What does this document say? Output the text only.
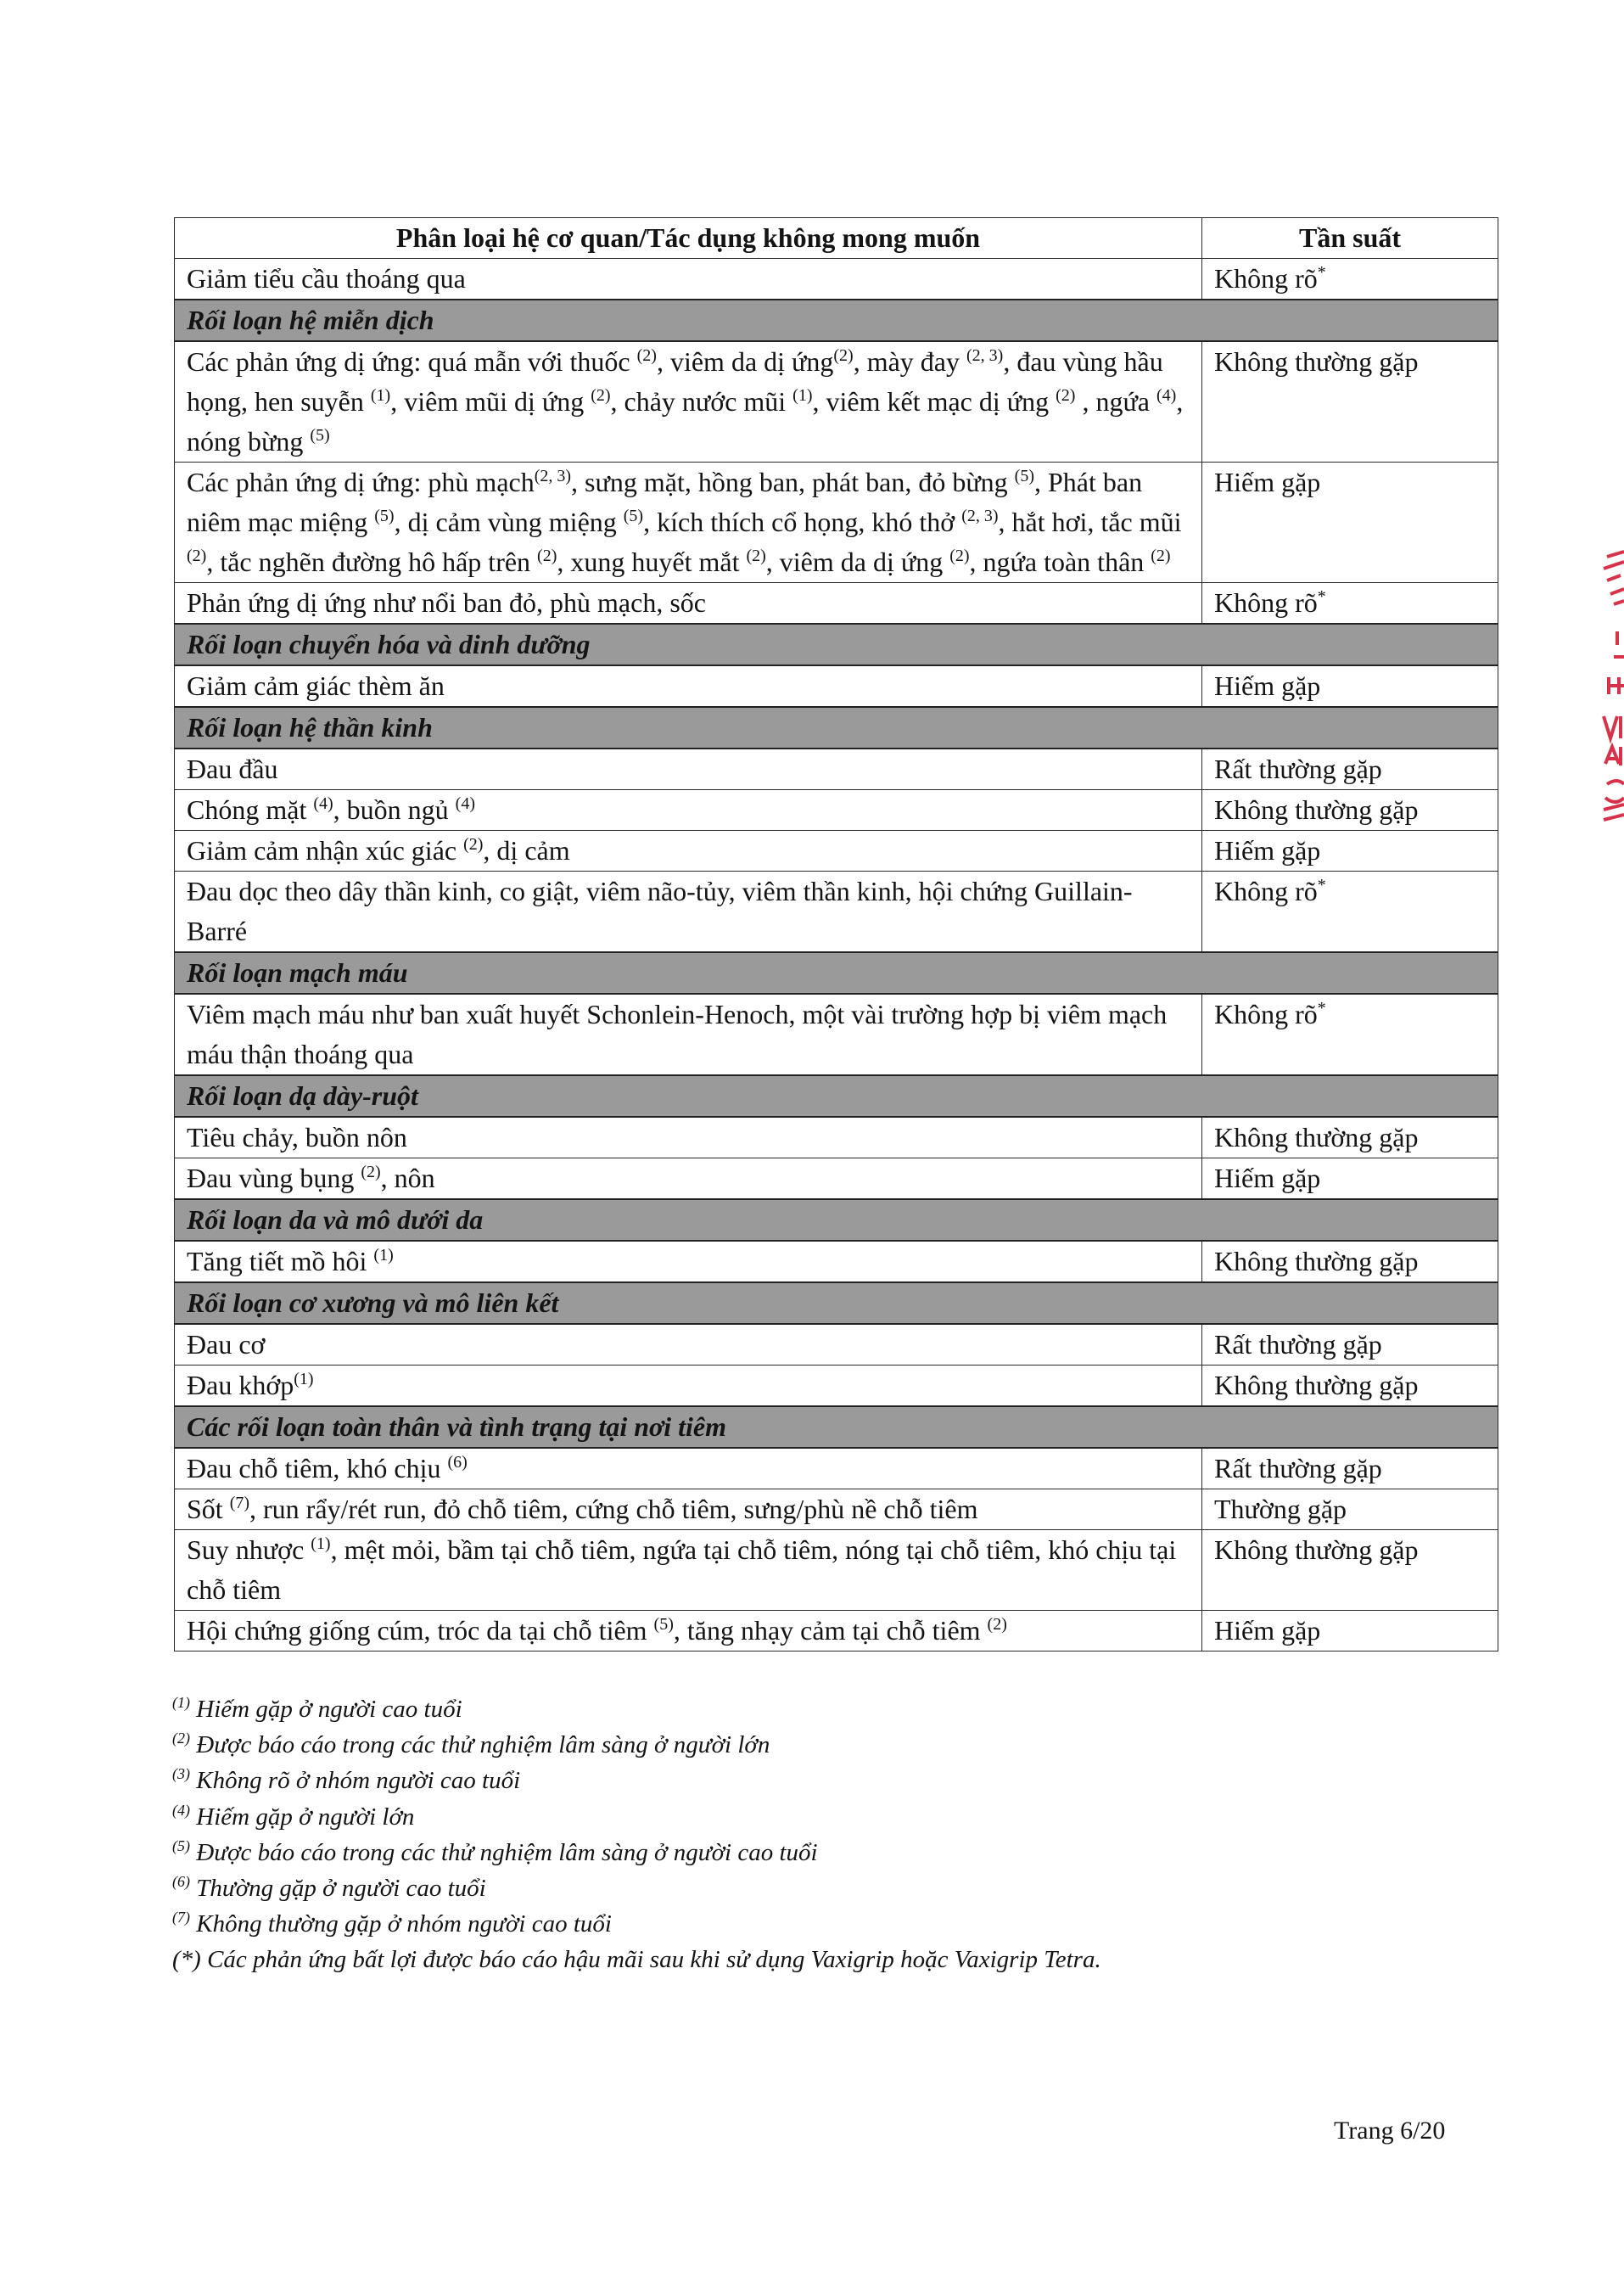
Phân loại hệ cơ quan/Tác dụng không mong muốn	Tần suất
Giảm tiểu cầu thoáng qua	Không rõ*
Rối loạn hệ miễn dịch	
Các phản ứng dị ứng: quá mẫn với thuốc $^{(2)}$, viêm da dị ứng$^{(2)}$, mày đay $^{(2, 3)}$, đau vùng hầu họng, hen suyễn $^{(1)}$, viêm mũi dị ứng $^{(2)}$, chảy nước mũi $^{(1)}$, viêm kết mạc dị ứng $^{(2)}$ , ngứa $^{(4)}$, nóng bừng $^{(5)}$	Không thường gặp
Các phản ứng dị ứng: phù mạch$^{(2, 3)}$, sưng mặt, hồng ban, phát ban, đỏ bừng $^{(5)}$, Phát ban niêm mạc miệng $^{(5)}$, dị cảm vùng miệng $^{(5)}$, kích thích cổ họng, khó thở $^{(2, 3)}$, hắt hơi, tắc mũi $^{(2)}$, tắc nghẽn đường hô hấp trên $^{(2)}$, xung huyết mắt $^{(2)}$, viêm da dị ứng $^{(2)}$, ngứa toàn thân $^{(2)}$	Hiếm gặp
Phản ứng dị ứng như nổi ban đỏ, phù mạch, sốc	Không rõ*
Rối loạn chuyển hóa và dinh dưỡng	
Giảm cảm giác thèm ăn	Hiếm gặp
Rối loạn hệ thần kinh	
Đau đầu	Rất thường gặp
Chóng mặt $^{(4)}$, buồn ngủ $^{(4)}$	Không thường gặp
Giảm cảm nhận xúc giác $^{(2)}$, dị cảm	Hiếm gặp
Đau dọc theo dây thần kinh, co giật, viêm não-tủy, viêm thần kinh, hội chứng Guillain-Barré	Không rõ*
Rối loạn mạch máu	
Viêm mạch máu như ban xuất huyết Schonlein-Henoch, một vài trường hợp bị viêm mạch máu thận thoáng qua	Không rõ*
Rối loạn dạ dày-ruột	
Tiêu chảy, buồn nôn	Không thường gặp
Đau vùng bụng $^{(2)}$, nôn	Hiếm gặp
Rối loạn da và mô dưới da	
Tăng tiết mồ hôi $^{(1)}$	Không thường gặp
Rối loạn cơ xương và mô liên kết	
Đau cơ	Rất thường gặp
Đau khớp$^{(1)}$	Không thường gặp
Các rối loạn toàn thân và tình trạng tại nơi tiêm	
Đau chỗ tiêm, khó chịu $^{(6)}$	Rất thường gặp
Sốt $^{(7)}$, run rẩy/rét run, đỏ chỗ tiêm, cứng chỗ tiêm, sưng/phù nề chỗ tiêm	Thường gặp
Suy nhược $^{(1)}$, mệt mỏi, bầm tại chỗ tiêm, ngứa tại chỗ tiêm, nóng tại chỗ tiêm, khó chịu tại chỗ tiêm	Không thường gặp
Hội chứng giống cúm, tróc da tại chỗ tiêm $^{(5)}$, tăng nhạy cảm tại chỗ tiêm $^{(2)}$	Hiếm gặp
$^{(1)}$ Hiếm gặp ở người cao tuổi
$^{(2)}$ Được báo cáo trong các thử nghiệm lâm sàng ở người lớn
$^{(3)}$ Không rõ ở nhóm người cao tuổi
$^{(4)}$ Hiếm gặp ở người lớn
$^{(5)}$ Được báo cáo trong các thử nghiệm lâm sàng ở người cao tuổi
$^{(6)}$ Thường gặp ở người cao tuổi
$^{(7)}$ Không thường gặp ở nhóm người cao tuổi
(*) Các phản ứng bất lợi được báo cáo hậu mãi sau khi sử dụng Vaxigrip hoặc Vaxigrip Tetra.
Trang 6/20
